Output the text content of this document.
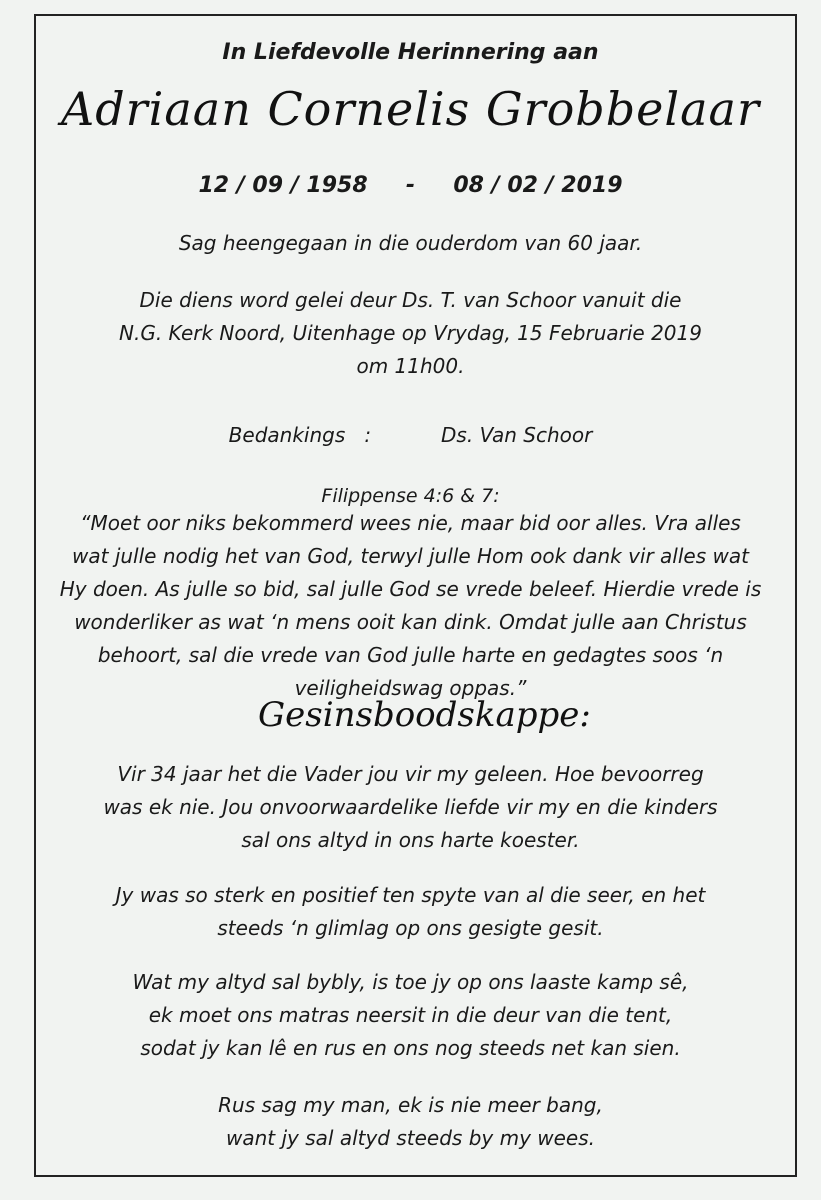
In Liefdevolle Herinnering aan
Adriaan Cornelis Grobbelaar
12 / 09 / 1958 - 08 / 02 / 2019
Sag heengegaan in die ouderdom van 60 jaar.
Die diens word gelei deur Ds. T. van Schoor vanuit die
N.G. Kerk Noord, Uitenhage op Vrydag, 15 Februarie 2019
om 11h00.
Bedankings :	Ds. Van Schoor
Filippense 4:6 & 7:
“Moet oor niks bekommerd wees nie, maar bid oor alles. Vra alles
wat julle nodig het van God, terwyl julle Hom ook dank vir alles wat
Hy doen. As julle so bid, sal julle God se vrede beleef. Hierdie vrede is
wonderliker as wat ‘n mens ooit kan dink. Omdat julle aan Christus
behoort, sal die vrede van God julle harte en gedagtes soos ‘n
veiligheidswag oppas.”
Gesinsboodskappe:
Vir 34 jaar het die Vader jou vir my geleen. Hoe bevoorreg
was ek nie. Jou onvoorwaardelike liefde vir my en die kinders
sal ons altyd in ons harte koester.
Jy was so sterk en positief ten spyte van al die seer, en het
steeds ‘n glimlag op ons gesigte gesit.
Wat my altyd sal bybly, is toe jy op ons laaste kamp sê,
ek moet ons matras neersit in die deur van die tent,
sodat jy kan lê en rus en ons nog steeds net kan sien.
Rus sag my man, ek is nie meer bang,
want jy sal altyd steeds by my wees.
